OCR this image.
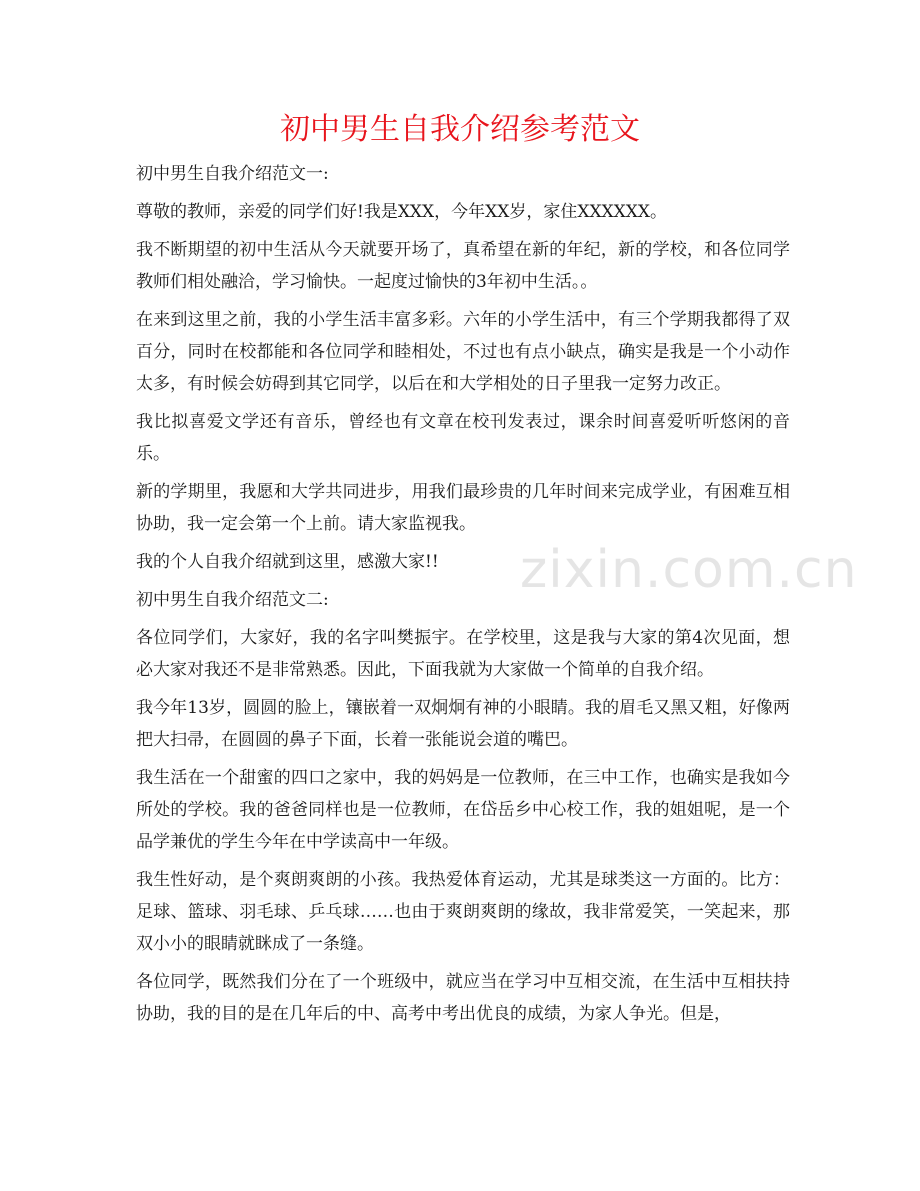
初中男生自我介绍参考范文

初中男生自我介绍范文一:

尊敬的教师，亲爱的同学们好!我是XXX，今年XX岁，家住XXXXXX。

我不断期望的初中生活从今天就要开场了，真希望在新的年纪，新的学校，和各位同学教师们相处融洽，学习愉快。一起度过愉快的3年初中生活。。

在来到这里之前，我的小学生活丰富多彩。六年的小学生活中，有三个学期我都得了双百分，同时在校都能和各位同学和睦相处，不过也有点小缺点，确实是我是一个小动作太多，有时候会妨碍到其它同学，以后在和大学相处的日子里我一定努力改正。

我比拟喜爱文学还有音乐，曾经也有文章在校刊发表过，课余时间喜爱听听悠闲的音乐。

新的学期里，我愿和大学共同进步，用我们最珍贵的几年时间来完成学业，有困难互相协助，我一定会第一个上前。请大家监视我。

我的个人自我介绍就到这里，感激大家!!

初中男生自我介绍范文二:

各位同学们，大家好，我的名字叫樊振宇。在学校里，这是我与大家的第4次见面，想必大家对我还不是非常熟悉。因此，下面我就为大家做一个简单的自我介绍。

我今年13岁，圆圆的脸上，镶嵌着一双炯炯有神的小眼睛。我的眉毛又黑又粗，好像两把大扫帚，在圆圆的鼻子下面，长着一张能说会道的嘴巴。

我生活在一个甜蜜的四口之家中，我的妈妈是一位教师，在三中工作，也确实是我如今所处的学校。我的爸爸同样也是一位教师，在岱岳乡中心校工作，我的姐姐呢，是一个品学兼优的学生今年在中学读高中一年级。

我生性好动，是个爽朗爽朗的小孩。我热爱体育运动，尤其是球类这一方面的。比方：足球、篮球、羽毛球、乒乓球……也由于爽朗爽朗的缘故，我非常爱笑，一笑起来，那双小小的眼睛就眯成了一条缝。

各位同学，既然我们分在了一个班级中，就应当在学习中互相交流，在生活中互相扶持协助，我的目的是在几年后的中、高考中考出优良的成绩，为家人争光。但是，

zixin.com.cn
